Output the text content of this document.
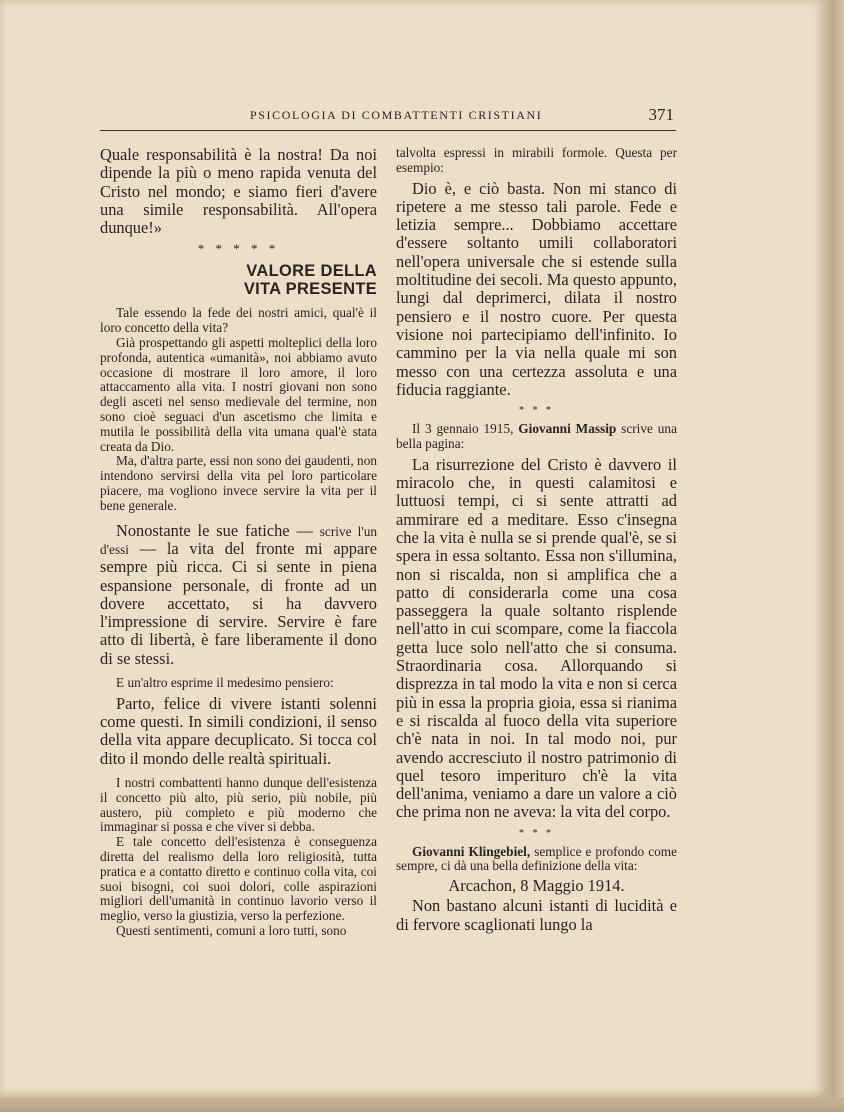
PSICOLOGIA DI COMBATTENTI CRISTIANI	371

Quale responsabilità è la nostra! Da noi dipende la più o meno rapida venuta del Cristo nel mondo; e siamo fieri d'avere una simile responsabilità. All'opera dunque!»

* * * * *
VALORE DELLA
VITA PRESENTE

Tale essendo la fede dei nostri amici, qual'è il loro concetto della vita?

Già prospettando gli aspetti molteplici della loro profonda, autentica «umanità», noi abbiamo avuto occasione di mostrare il loro amore, il loro attaccamento alla vita. I nostri giovani non sono degli asceti nel senso medievale del termine, non sono cioè seguaci d'un ascetismo che limita e mutila le possibilità della vita umana qual'è stata creata da Dio.

Ma, d'altra parte, essi non sono dei gaudenti, non intendono servirsi della vita pel loro particolare piacere, ma vogliono invece servire la vita per il bene generale.

Nonostante le sue fatiche — scrive l'un d'essi — la vita del fronte mi appare sempre più ricca. Ci si sente in piena espansione personale, di fronte ad un dovere accettato, si ha davvero l'impressione di servire. Servire è fare atto di libertà, è fare liberamente il dono di se stessi.

E un'altro esprime il medesimo pensiero:

Parto, felice di vivere istanti solenni come questi. In simili condizioni, il senso della vita appare decuplicato. Si tocca col dito il mondo delle realtà spirituali.

I nostri combattenti hanno dunque dell'esistenza il concetto più alto, più serio, più nobile, più austero, più completo e più moderno che immaginar si possa e che viver si debba.

E tale concetto dell'esistenza è conseguenza diretta del realismo della loro religiosità, tutta pratica e a contatto diretto e continuo colla vita, coi suoi bisogni, coi suoi dolori, colle aspirazioni migliori dell'umanità in continuo lavorio verso il meglio, verso la giustizia, verso la perfezione.

Questi sentimenti, comuni a loro tutti, sono

talvolta espressi in mirabili formole. Questa per esempio:

Dio è, e ciò basta. Non mi stanco di ripetere a me stesso tali parole. Fede e letizia sempre... Dobbiamo accettare d'essere soltanto umili collaboratori nell'opera universale che si estende sulla moltitudine dei secoli. Ma questo appunto, lungi dal deprimerci, dilata il nostro pensiero e il nostro cuore. Per questa visione noi partecipiamo dell'infinito. Io cammino per la via nella quale mi son messo con una certezza assoluta e una fiducia raggiante.

* * *

Il 3 gennaio 1915, Giovanni Massip scrive una bella pagina:

La risurrezione del Cristo è davvero il miracolo che, in questi calamitosi e luttuosi tempi, ci si sente attratti ad ammirare ed a meditare. Esso c'insegna che la vita è nulla se si prende qual'è, se si spera in essa soltanto. Essa non s'illumina, non si riscalda, non si amplifica che a patto di considerarla come una cosa passeggera la quale soltanto risplende nell'atto in cui scompare, come la fiaccola getta luce solo nell'atto che si consuma. Straordinaria cosa. Allorquando si disprezza in tal modo la vita e non si cerca più in essa la propria gioia, essa si rianima e si riscalda al fuoco della vita superiore ch'è nata in noi. In tal modo noi, pur avendo accresciuto il nostro patrimonio di quel tesoro imperituro ch'è la vita dell'anima, veniamo a dare un valore a ciò che prima non ne aveva: la vita del corpo.

* * *

Giovanni Klingebiel, semplice e profondo come sempre, ci dà una bella definizione della vita:

Arcachon, 8 Maggio 1914.

Non bastano alcuni istanti di lucidità e di fervore scaglionati lungo la
